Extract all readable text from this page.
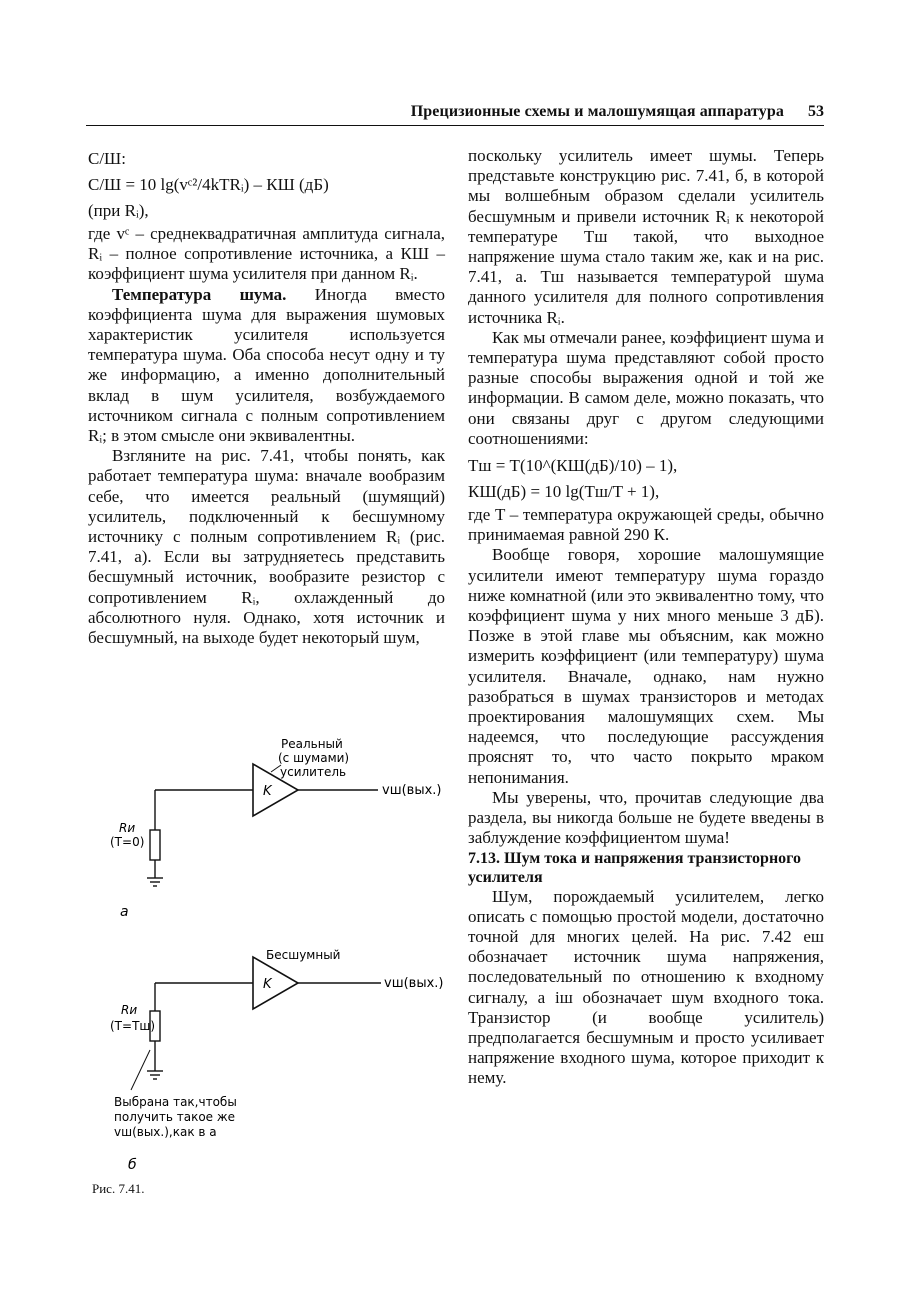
Прецизионные схемы и малошумящая аппаратура 53

С/Ш:

С/Ш = 10 lg(vᶜ²/4kTRᵢ) – КШ (дБ)

(при Rᵢ),

где vᶜ – среднеквадратичная амплитуда сигнала, Rᵢ – полное сопротивление источника, а КШ – коэффициент шума усилителя при данном Rᵢ.

Температура шума. Иногда вместо коэффициента шума для выражения шумовых характеристик усилителя используется температура шума. Оба способа несут одну и ту же информацию, а именно дополнительный вклад в шум усилителя, возбуждаемого источником сигнала с полным сопротивлением Rᵢ; в этом смысле они эквивалентны.

Взгляните на рис. 7.41, чтобы понять, как работает температура шума: вначале вообразим себе, что имеется реальный (шумящий) усилитель, подключенный к бесшумному источнику с полным сопротивлением Rᵢ (рис. 7.41, а). Если вы затрудняетесь представить бесшумный источник, вообразите резистор с сопротивлением Rᵢ, охлажденный до абсолютного нуля. Однако, хотя источник и бесшумный, на выходе будет некоторый шум,

Реальный
(с шумами)
усилитель
K	vш(вых.)
Rи
(T=0)
а
Бесшумный
K	vш(вых.)
Rи
(T=Tш)
Выбрана так,чтобы
получить такое же
vш(вых.),как в а
б
Рис. 7.41.

поскольку усилитель имеет шумы. Теперь представьте конструкцию рис. 7.41, б, в которой мы волшебным образом сделали усилитель бесшумным и привели источник Rᵢ к некоторой температуре Tш такой, что выходное напряжение шума стало таким же, как и на рис. 7.41, а. Tш называется температурой шума данного усилителя для полного сопротивления источника Rᵢ.

Как мы отмечали ранее, коэффициент шума и температура шума представляют собой просто разные способы выражения одной и той же информации. В самом деле, можно показать, что они связаны друг с другом следующими соотношениями:

Tш = T(10^(КШ(дБ)/10) – 1),

КШ(дБ) = 10 lg(Tш/T + 1),

где T – температура окружающей среды, обычно принимаемая равной 290 К.

Вообще говоря, хорошие малошумящие усилители имеют температуру шума гораздо ниже комнатной (или это эквивалентно тому, что коэффициент шума у них много меньше 3 дБ). Позже в этой главе мы объясним, как можно измерить коэффициент (или температуру) шума усилителя. Вначале, однако, нам нужно разобраться в шумах транзисторов и методах проектирования малошумящих схем. Мы надеемся, что последующие рассуждения прояснят то, что часто покрыто мраком непонимания.

Мы уверены, что, прочитав следующие два раздела, вы никогда больше не будете введены в заблуждение коэффициентом шума!

7.13. Шум тока и напряжения транзисторного усилителя

Шум, порождаемый усилителем, легко описать с помощью простой модели, достаточно точной для многих целей. На рис. 7.42 eш обозначает источник шума напряжения, последовательный по отношению к входному сигналу, а iш обозначает шум входного тока. Транзистор (и вообще усилитель) предполагается бесшумным и просто усиливает напряжение входного шума, которое приходит к нему.
